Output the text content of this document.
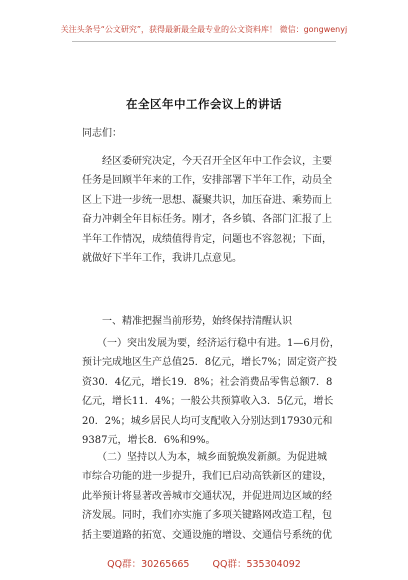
关注头条号“公文研究”，获得最新最全最专业的公文资料库！ 微信：gongwenyj
在全区年中工作会议上的讲话
同志们：
　　经区委研究决定，今天召开全区年中工作会议，主要
任务是回顾半年来的工作，安排部署下半年工作，动员全
区上下进一步统一思想、凝聚共识，加压奋进、乘势而上
奋力冲刺全年目标任务。刚才，各乡镇、各部门汇报了上
半年工作情况，成绩值得肯定，问题也不容忽视；下面，
就做好下半年工作，我讲几点意见。
　　一、精准把握当前形势，始终保持清醒认识
　　（一）突出发展为要，经济运行稳中有进。1—6月份，
预计完成地区生产总值25．8亿元，增长7%；固定资产投
资30．4亿元，增长19．8%；社会消费品零售总额7．8
亿元，增长11．4%；一般公共预算收入3．5亿元，增长
20．2%；城乡居民人均可支配收入分别达到17930元和
9387元，增长8．6%和9%。
　　（二）坚持以人为本，城乡面貌焕发新颜。为促进城
市综合功能的进一步提升，我们已启动高铁新区的建设，
此举预计将显著改善城市交通状况，并促进周边区域的经
济发展。同时，我们亦实施了多项关键路网改造工程，包
括主要道路的拓宽、交通设施的增设、交通信号系统的优
QQ群：30265665 QQ群：535304092
